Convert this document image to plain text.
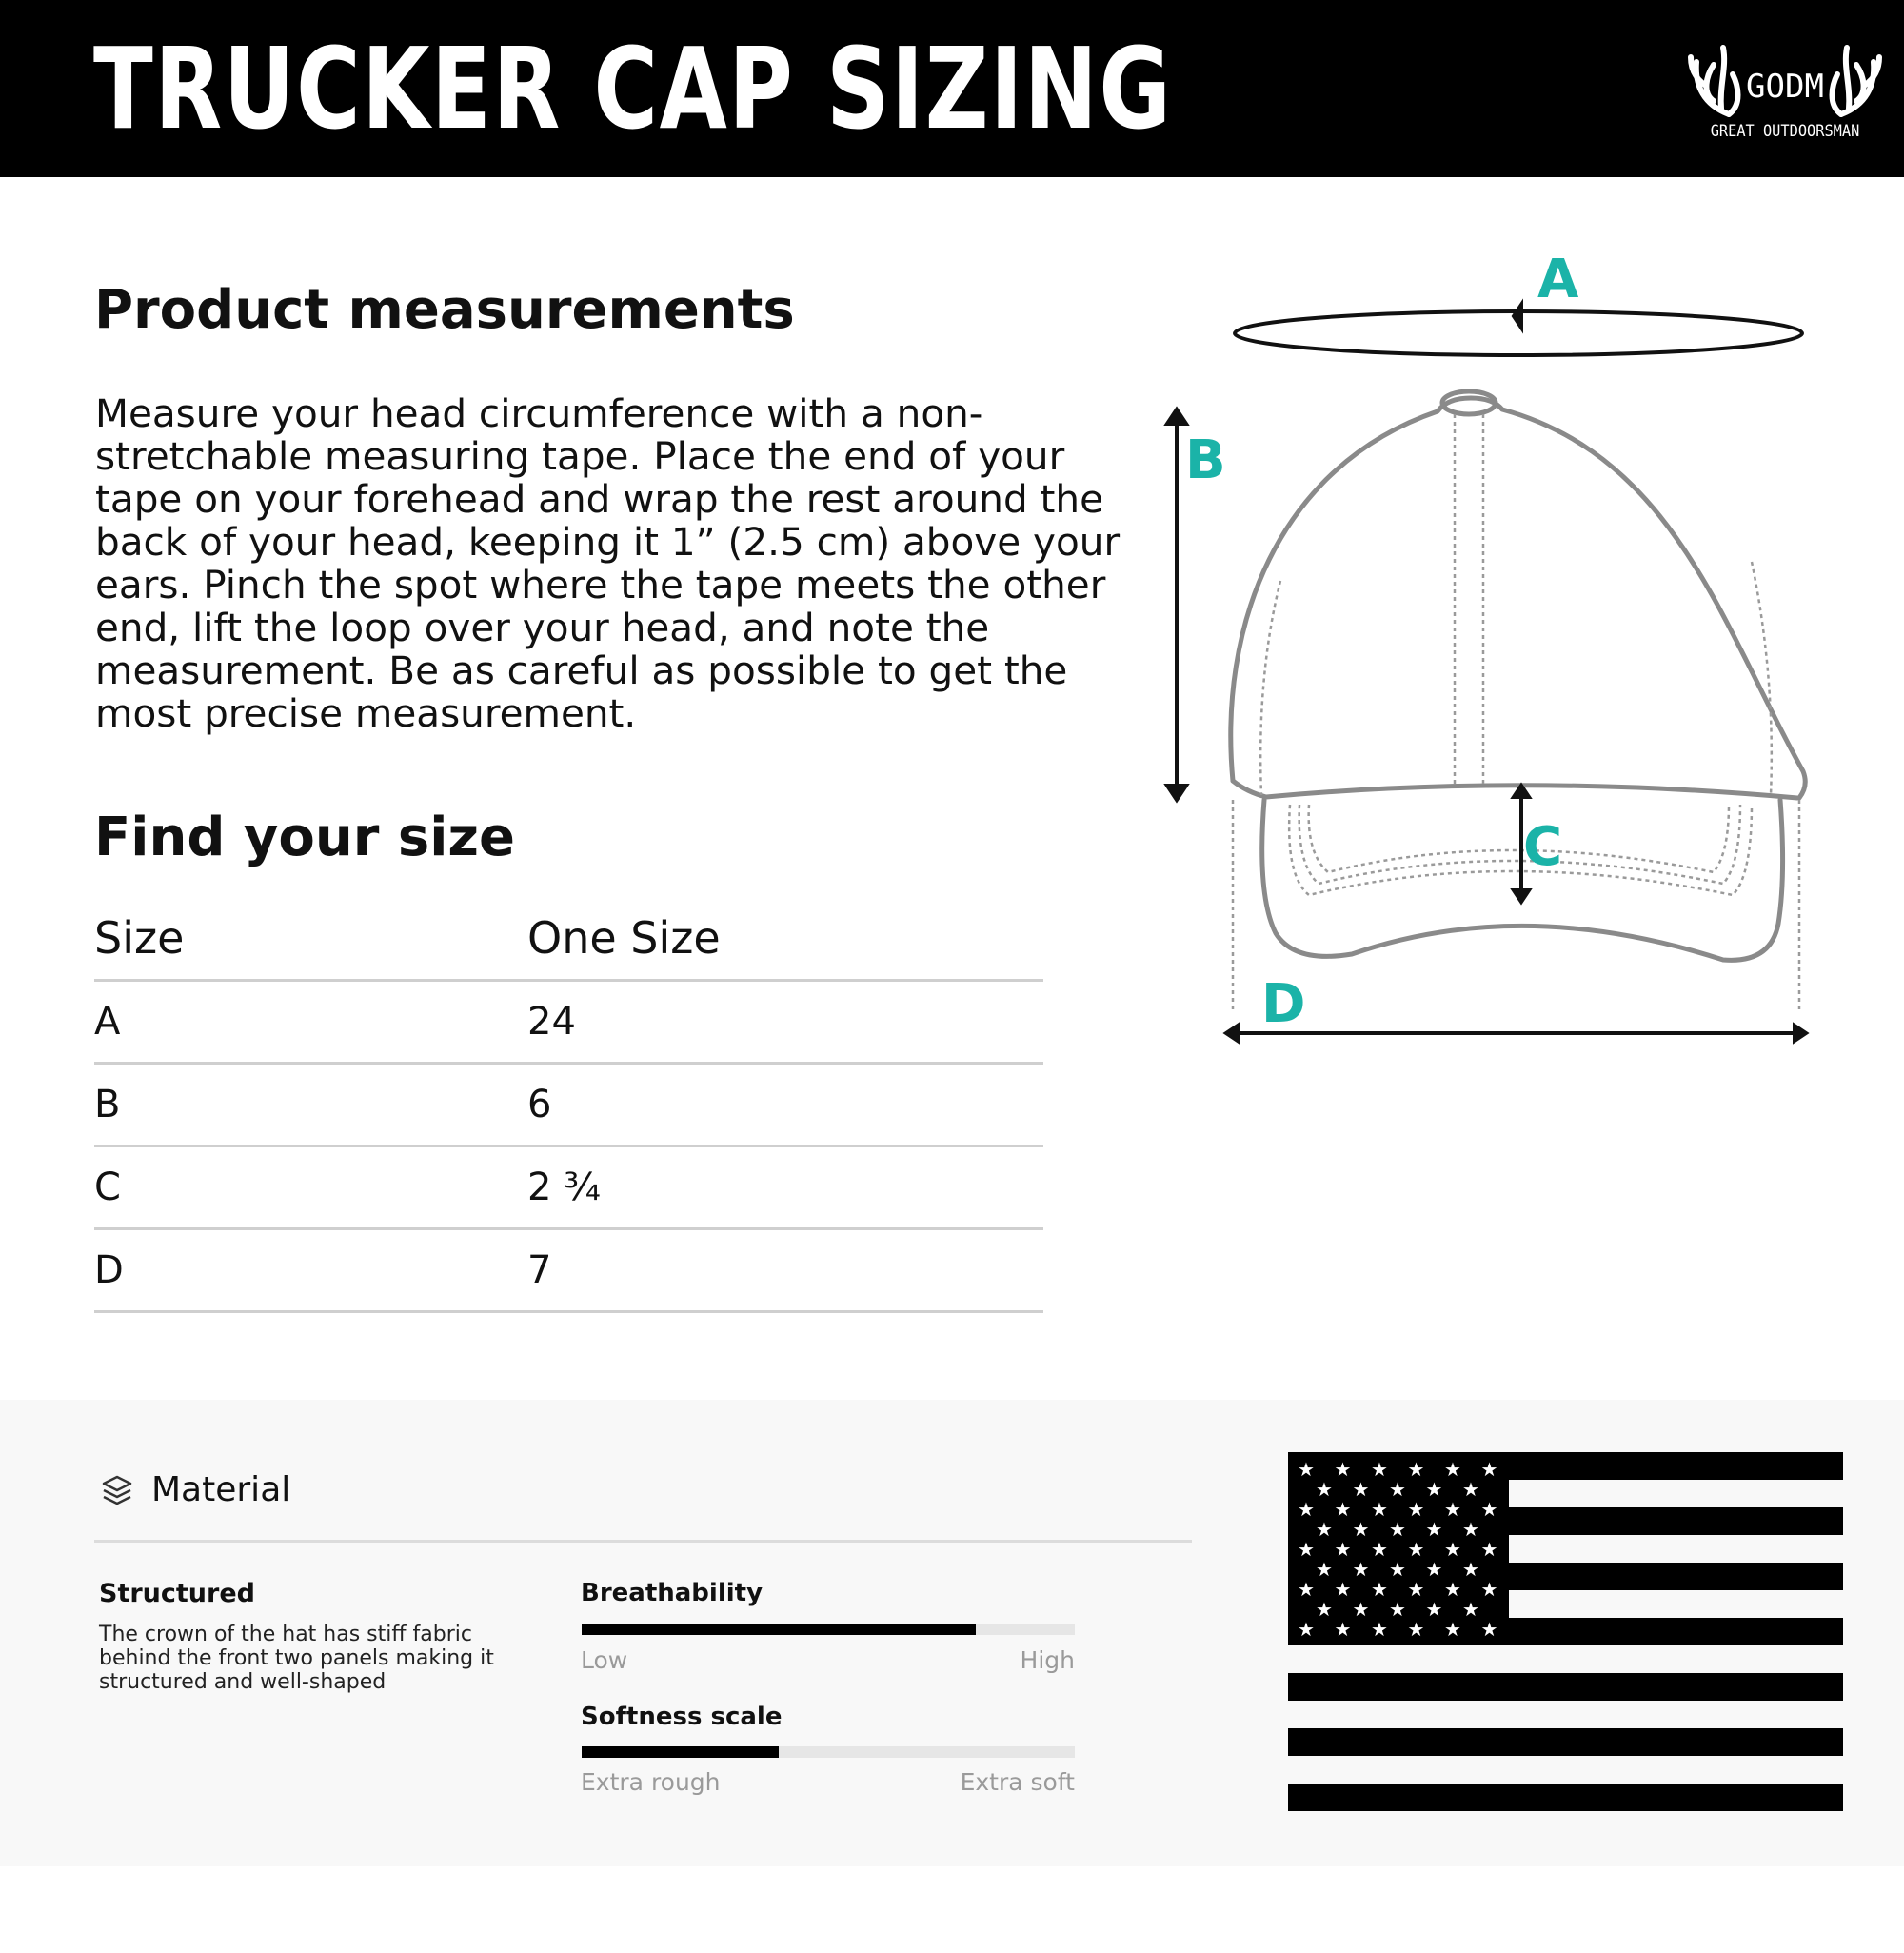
TRUCKER CAP SIZING	GODM
GREAT OUTDOORSMAN
Product measurements

Measure your head circumference with a non-stretchable measuring tape. Place the end of your tape on your forehead and wrap the rest around the back of your head, keeping it 1” (2.5 cm) above your ears. Pinch the spot where the tape meets the other end, lift the loop over your head, and note the measurement. Be as careful as possible to get the most precise measurement.

Find your size
Size	One Size
A	24
B	6
C	2 ¾
D	7
A
B
C
D
Material
Structured
The crown of the hat has stiff fabric behind the front two panels making it structured and well-shaped
Breathability
Low	High
Softness scale
Extra rough	Extra soft
★ ★ ★ ★ ★ ★
★ ★ ★ ★ ★
★ ★ ★ ★ ★ ★
★ ★ ★ ★ ★
★ ★ ★ ★ ★ ★
★ ★ ★ ★ ★
★ ★ ★ ★ ★ ★
★ ★ ★ ★ ★
★ ★ ★ ★ ★ ★
